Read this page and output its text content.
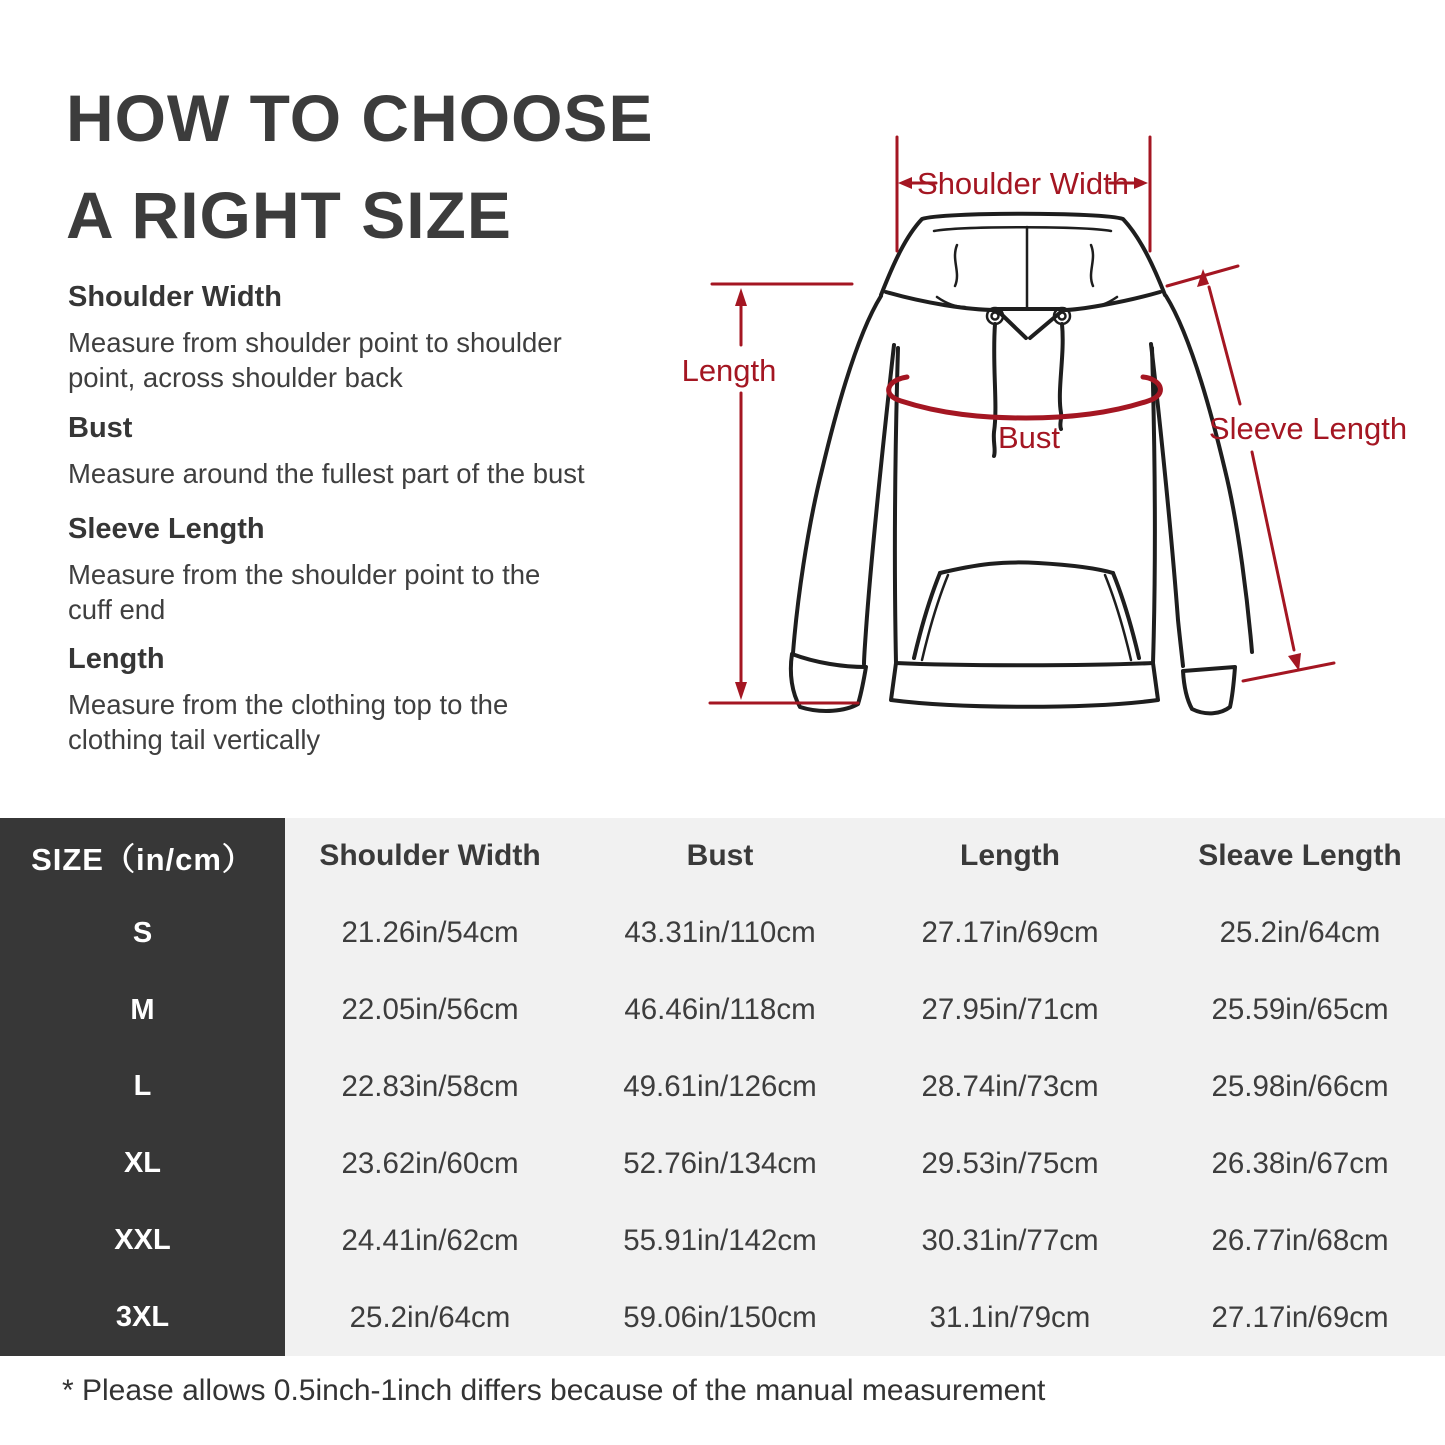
HOW TO CHOOSE
A RIGHT SIZE
Shoulder Width
Measure from shoulder point to shoulder
point, across shoulder back
Bust
Measure around the fullest part of the bust
Sleeve Length
Measure from the shoulder point to the
cuff end
Length
Measure from the clothing top to the
clothing tail vertically
Shoulder Width
Length
Bust	Sleeve Length
SIZE（in/cm）	Shoulder Width	Bust	Length	Sleave Length
S	21.26in/54cm	43.31in/110cm	27.17in/69cm	25.2in/64cm
M	22.05in/56cm	46.46in/118cm	27.95in/71cm	25.59in/65cm
L	22.83in/58cm	49.61in/126cm	28.74in/73cm	25.98in/66cm
XL	23.62in/60cm	52.76in/134cm	29.53in/75cm	26.38in/67cm
XXL	24.41in/62cm	55.91in/142cm	30.31in/77cm	26.77in/68cm
3XL	25.2in/64cm	59.06in/150cm	31.1in/79cm	27.17in/69cm
* Please allows 0.5inch-1inch differs because of the manual measurement
